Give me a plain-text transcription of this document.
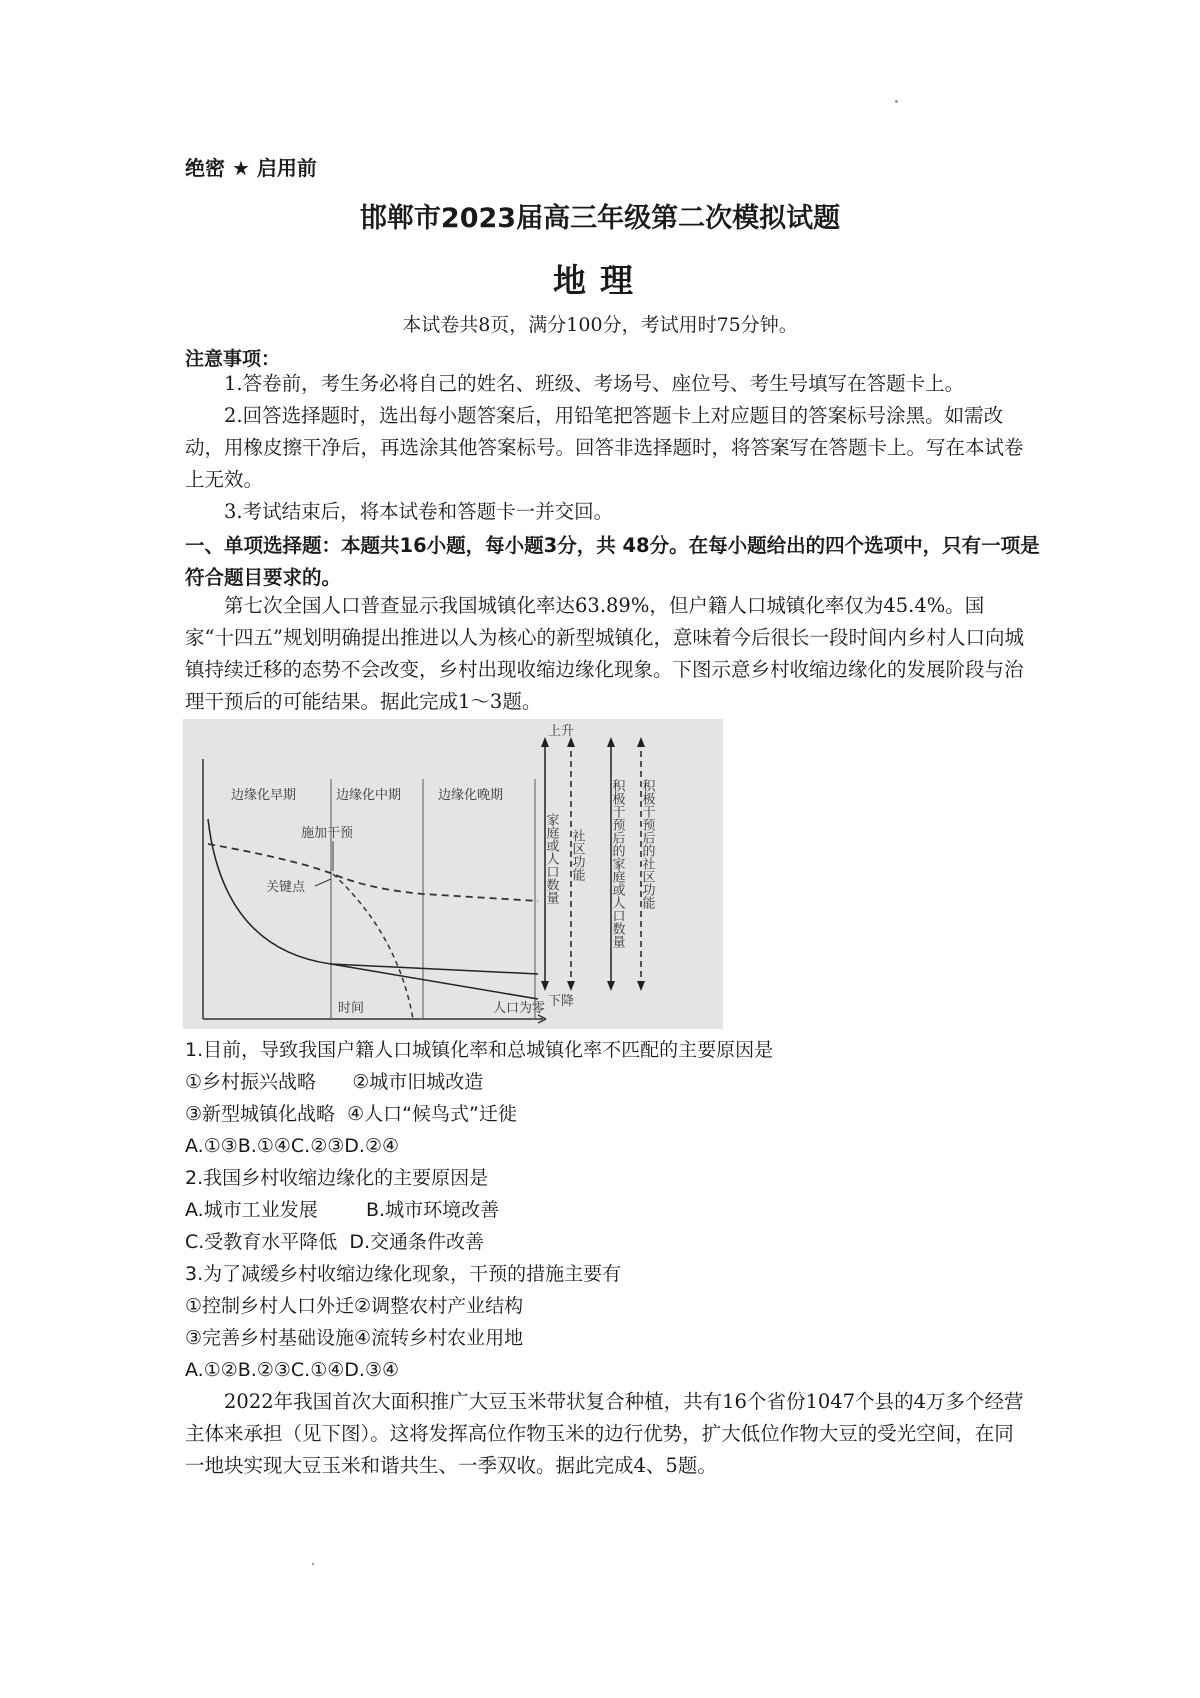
绝密 ★ 启用前
邯郸市2023届高三年级第二次模拟试题
地理
本试卷共8页，满分100分，考试用时75分钟。
注意事项：
1.答卷前，考生务必将自己的姓名、班级、考场号、座位号、考生号填写在答题卡上。
2.回答选择题时，选出每小题答案后，用铅笔把答题卡上对应题目的答案标号涂黑。如需改动，用橡皮擦干净后，再选涂其他答案标号。回答非选择题时，将答案写在答题卡上。写在本试卷上无效。
3.考试结束后，将本试卷和答题卡一并交回。
一、单项选择题：本题共16小题，每小题3分，共 48分。在每小题给出的四个选项中，只有一项是符合题目要求的。
第七次全国人口普查显示我国城镇化率达63.89%，但户籍人口城镇化率仅为45.4%。国家“十四五”规划明确提出推进以人为核心的新型城镇化，意味着今后很长一段时间内乡村人口向城镇持续迁移的态势不会改变，乡村出现收缩边缘化现象。下图示意乡村收缩边缘化的发展阶段与治理干预后的可能结果。据此完成1～3题。
边缘化早期	边缘化中期	边缘化晚期
施加干预
关键点
时间	人口为零
上升
下降
家庭或人口数量 社区功能 积极干预后的家庭或人口数量 积极干预后的社区功能
1.目前，导致我国户籍人口城镇化率和总城镇化率不匹配的主要原因是
①乡村振兴战略      ②城市旧城改造
③新型城镇化战略  ④人口“候鸟式”迁徙
A.①③B.①④C.②③D.②④
2.我国乡村收缩边缘化的主要原因是
A.城市工业发展        B.城市环境改善
C.受教育水平降低  D.交通条件改善
3.为了减缓乡村收缩边缘化现象，干预的措施主要有
①控制乡村人口外迁②调整农村产业结构
③完善乡村基础设施④流转乡村农业用地
A.①②B.②③C.①④D.③④
2022年我国首次大面积推广大豆玉米带状复合种植，共有16个省份1047个县的4万多个经营主体来承担（见下图）。这将发挥高位作物玉米的边行优势，扩大低位作物大豆的受光空间，在同一地块实现大豆玉米和谐共生、一季双收。据此完成4、5题。
